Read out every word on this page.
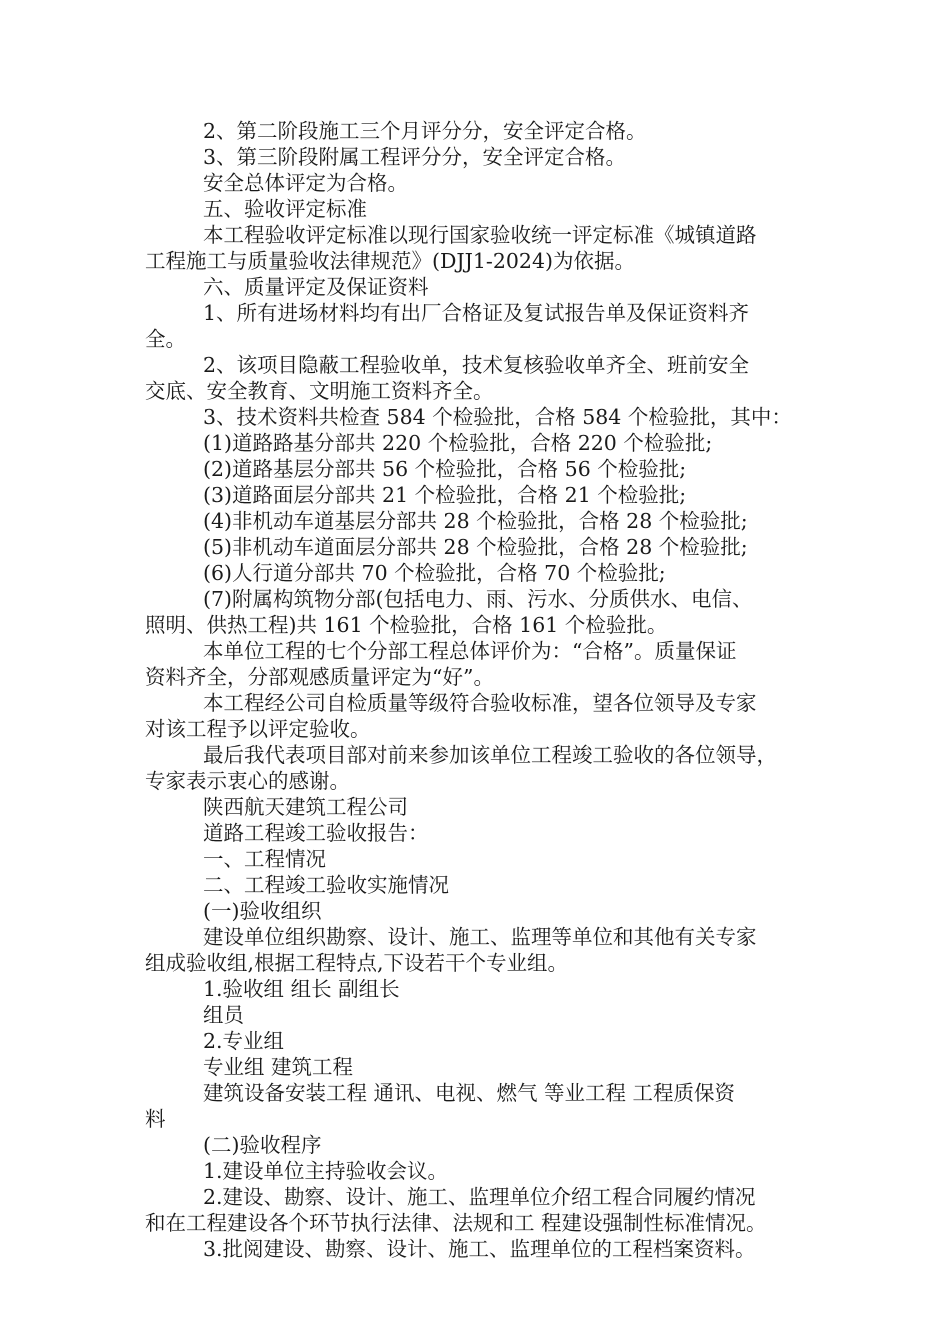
2、第二阶段施工三个月评分分，安全评定合格。
3、第三阶段附属工程评分分，安全评定合格。
安全总体评定为合格。
五、验收评定标准
本工程验收评定标准以现行国家验收统一评定标准《城镇道路
工程施工与质量验收法律规范》(DJJ1-2024)为依据。
六、质量评定及保证资料
1、所有进场材料均有出厂合格证及复试报告单及保证资料齐
全。
2、该项目隐蔽工程验收单，技术复核验收单齐全、班前安全
交底、安全教育、文明施工资料齐全。
3、技术资料共检查 584 个检验批，合格 584 个检验批，其中：
(1)道路路基分部共 220 个检验批，合格 220 个检验批;
(2)道路基层分部共 56 个检验批，合格 56 个检验批;
(3)道路面层分部共 21 个检验批，合格 21 个检验批;
(4)非机动车道基层分部共 28 个检验批，合格 28 个检验批;
(5)非机动车道面层分部共 28 个检验批，合格 28 个检验批;
(6)人行道分部共 70 个检验批，合格 70 个检验批;
(7)附属构筑物分部(包括电力、雨、污水、分质供水、电信、
照明、供热工程)共 161 个检验批，合格 161 个检验批。
本单位工程的七个分部工程总体评价为：“合格”。质量保证
资料齐全，分部观感质量评定为“好”。
本工程经公司自检质量等级符合验收标准，望各位领导及专家
对该工程予以评定验收。
最后我代表项目部对前来参加该单位工程竣工验收的各位领导，
专家表示衷心的感谢。
陕西航天建筑工程公司
道路工程竣工验收报告：
一、工程情况
二、工程竣工验收实施情况
(一)验收组织
建设单位组织勘察、设计、施工、监理等单位和其他有关专家
组成验收组,根据工程特点,下设若干个专业组。
1.验收组 组长 副组长
组员
2.专业组
专业组 建筑工程
建筑设备安装工程 通讯、电视、燃气 等业工程 工程质保资
料
(二)验收程序
1.建设单位主持验收会议。
2.建设、勘察、设计、施工、监理单位介绍工程合同履约情况
和在工程建设各个环节执行法律、法规和工 程建设强制性标准情况。
3.批阅建设、勘察、设计、施工、监理单位的工程档案资料。
